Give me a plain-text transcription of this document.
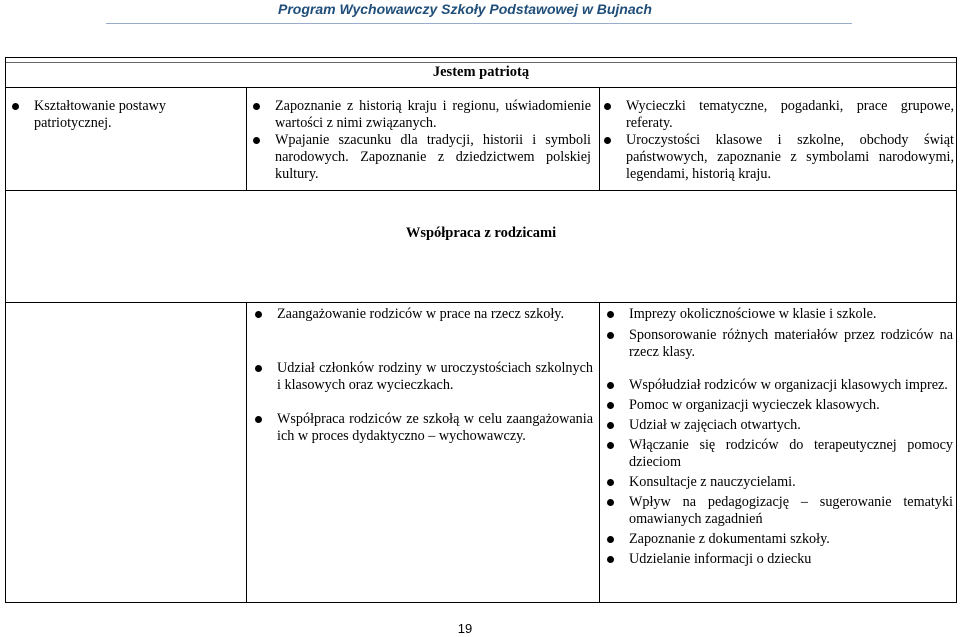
Program Wychowawczy Szkoły Podstawowej w Bujnach
Jestem patriotą
Kształtowanie postawy patriotycznej.
Zapoznanie z historią kraju i regionu, uświadomienie wartości z nimi związanych.
Wpajanie szacunku dla tradycji, historii i symboli narodowych. Zapoznanie z dziedzictwem polskiej kultury.
Wycieczki tematyczne, pogadanki, prace grupowe, referaty.
Uroczystości klasowe i szkolne, obchody świąt państwowych, zapoznanie z symbolami narodowymi, legendami, historią kraju.
Współpraca z rodzicami
Zaangażowanie rodziców w prace na rzecz szkoły.
Udział członków rodziny w uroczystościach szkolnych i klasowych oraz wycieczkach.
Współpraca rodziców ze szkołą w celu zaangażowania ich w proces dydaktyczno – wychowawczy.
Imprezy okolicznościowe w klasie i szkole.
Sponsorowanie różnych materiałów przez rodziców na rzecz klasy.
Współudział rodziców w organizacji klasowych imprez.
Pomoc w organizacji wycieczek klasowych.
Udział w zajęciach otwartych.
Włączanie się rodziców do terapeutycznej pomocy dzieciom
Konsultacje z nauczycielami.
Wpływ na pedagogizację – sugerowanie tematyki omawianych zagadnień
Zapoznanie z dokumentami szkoły.
Udzielanie informacji o dziecku
19
